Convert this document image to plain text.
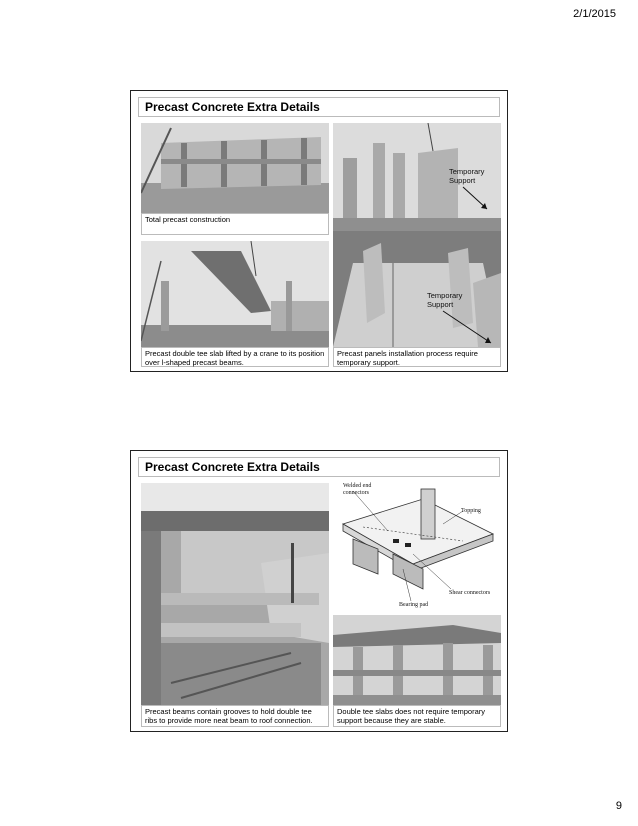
2/1/2015
Precast Concrete Extra Details
Total precast construction
Precast double tee slab lifted by a crane to its position over l-shaped precast beams.
Temporary Support
Temporary Support
Precast panels installation process require temporary support.
Precast Concrete Extra Details
Precast beams contain grooves to hold double tee ribs to provide more neat beam to roof connection.
Welded end connectors
Topping
Shear connectors
Bearing pad
Double tee slabs does not require temporary support because they are stable.
9
